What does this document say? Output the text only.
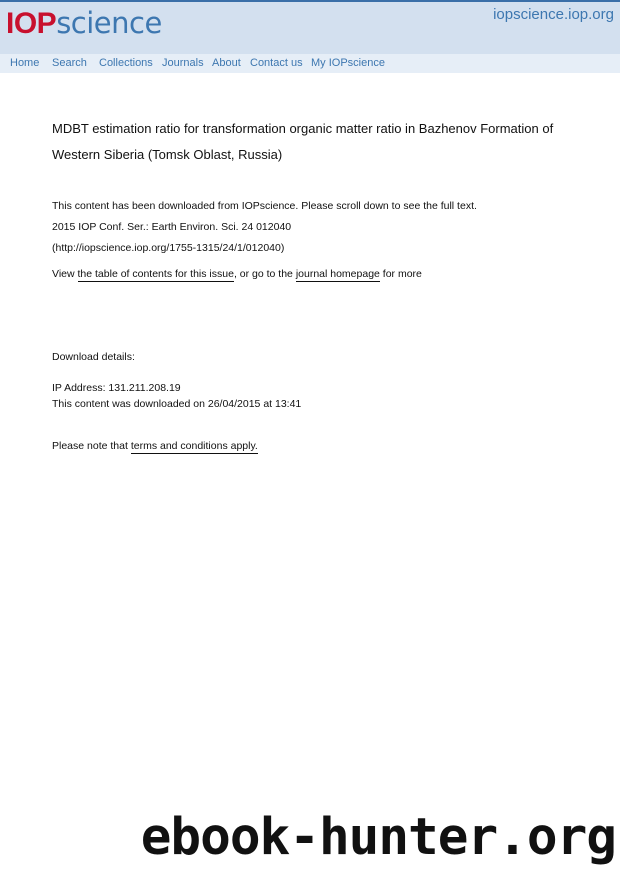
IOPscience	iopscience.iop.org
Home Search Collections Journals About Contact us My IOPscience
MDBT estimation ratio for transformation organic matter ratio in Bazhenov Formation of Western Siberia (Tomsk Oblast, Russia)
This content has been downloaded from IOPscience. Please scroll down to see the full text.
2015 IOP Conf. Ser.: Earth Environ. Sci. 24 012040
(http://iopscience.iop.org/1755-1315/24/1/012040)
View the table of contents for this issue, or go to the journal homepage for more
Download details:
IP Address: 131.211.208.19
This content was downloaded on 26/04/2015 at 13:41
Please note that terms and conditions apply.
ebook-hunter.org
